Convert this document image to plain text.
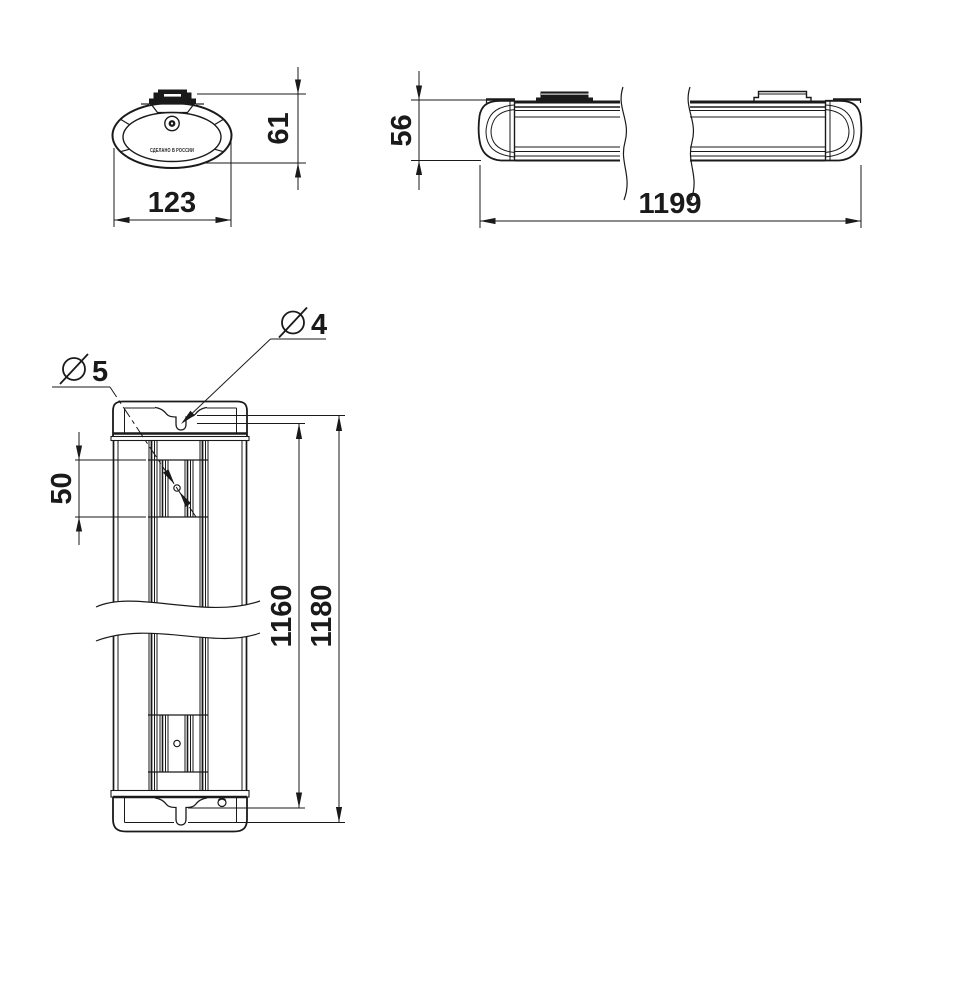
СДЕЛАНО В РОССИИ
61
123
56
1199
5
4
50
1160 1180
